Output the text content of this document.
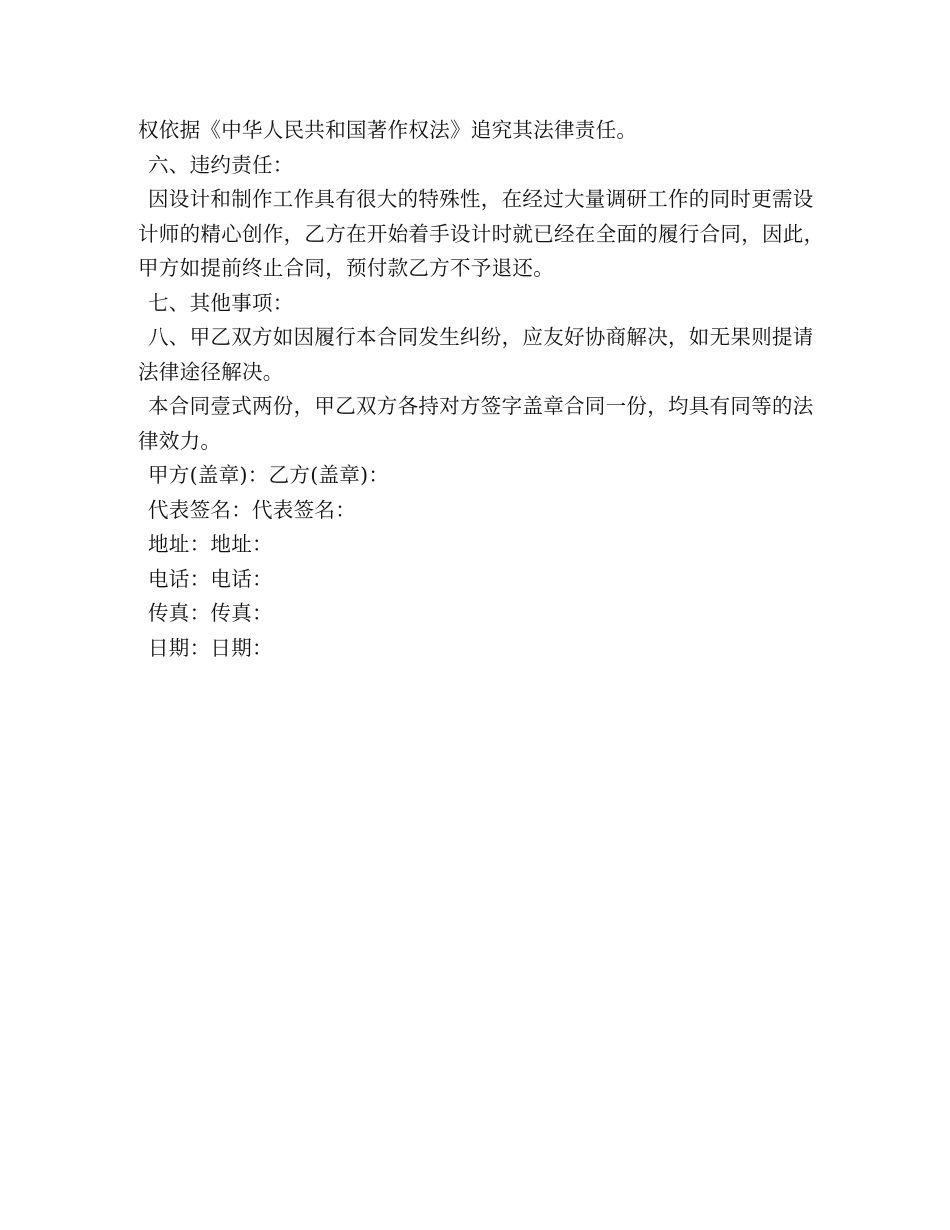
权依据《中华人民共和国著作权法》追究其法律责任。

六、违约责任：

因设计和制作工作具有很大的特殊性，在经过大量调研工作的同时更需设计师的精心创作，乙方在开始着手设计时就已经在全面的履行合同，因此，甲方如提前终止合同，预付款乙方不予退还。

七、其他事项：

八、甲乙双方如因履行本合同发生纠纷，应友好协商解决，如无果则提请法律途径解决。

本合同壹式两份，甲乙双方各持对方签字盖章合同一份，均具有同等的法律效力。

甲方(盖章)：乙方(盖章)：

代表签名：代表签名：

地址：地址：

电话：电话：

传真：传真：

日期：日期：
